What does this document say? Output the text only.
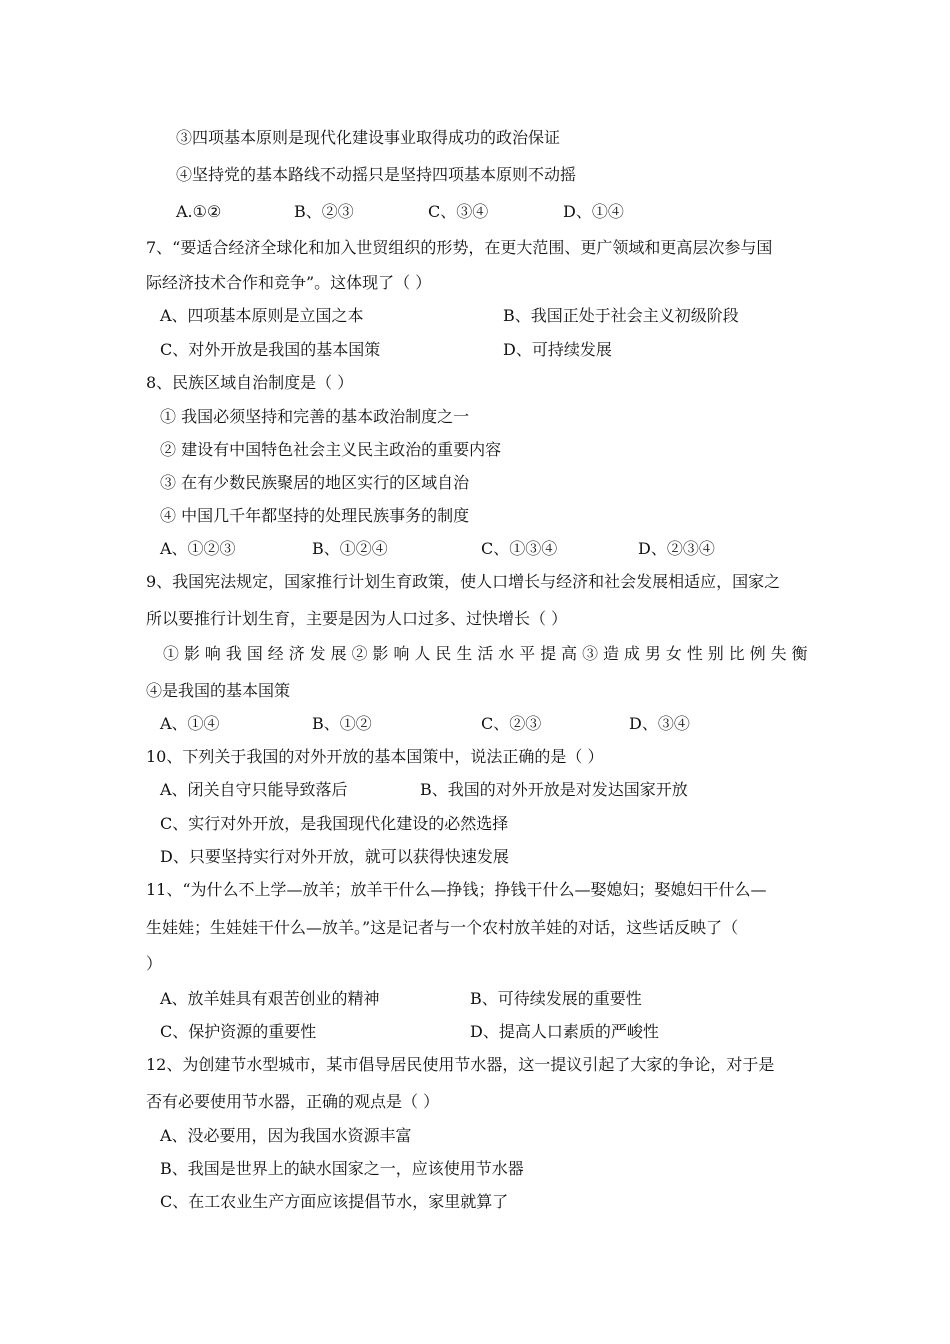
③四项基本原则是现代化建设事业取得成功的政治保证
④坚持党的基本路线不动摇只是坚持四项基本原则不动摇
A.①②	B、②③	C、③④	D、①④
7、“要适合经济全球化和加入世贸组织的形势，在更大范围、更广领域和更高层次参与国
际经济技术合作和竞争”。这体现了（ ）
A、四项基本原则是立国之本	B、我国正处于社会主义初级阶段
C、对外开放是我国的基本国策	D、可持续发展
8、民族区域自治制度是（ ）
① 我国必须坚持和完善的基本政治制度之一
② 建设有中国特色社会主义民主政治的重要内容
③ 在有少数民族聚居的地区实行的区域自治
④ 中国几千年都坚持的处理民族事务的制度
A、①②③	B、①②④	C、①③④	D、②③④
9、我国宪法规定，国家推行计划生育政策，使人口增长与经济和社会发展相适应，国家之
所以要推行计划生育，主要是因为人口过多、过快增长（ ）
① 影 响 我 国 经 济 发 展 ② 影 响 人 民 生 活 水 平 提 高 ③ 造 成 男 女 性 别 比 例 失 衡
④是我国的基本国策
A、①④	B、①②	C、②③	D、③④
10、下列关于我国的对外开放的基本国策中，说法正确的是（ ）
A、闭关自守只能导致落后	B、我国的对外开放是对发达国家开放
C、实行对外开放，是我国现代化建设的必然选择
D、只要坚持实行对外开放，就可以获得快速发展
11、“为什么不上学—放羊；放羊干什么—挣钱；挣钱干什么—娶媳妇；娶媳妇干什么—
生娃娃；生娃娃干什么—放羊。”这是记者与一个农村放羊娃的对话，这些话反映了（
）
A、放羊娃具有艰苦创业的精神	B、可待续发展的重要性
C、保护资源的重要性	D、提高人口素质的严峻性
12、为创建节水型城市，某市倡导居民使用节水器，这一提议引起了大家的争论，对于是
否有必要使用节水器，正确的观点是（ ）
A、没必要用，因为我国水资源丰富
B、我国是世界上的缺水国家之一，应该使用节水器
C、在工农业生产方面应该提倡节水，家里就算了
